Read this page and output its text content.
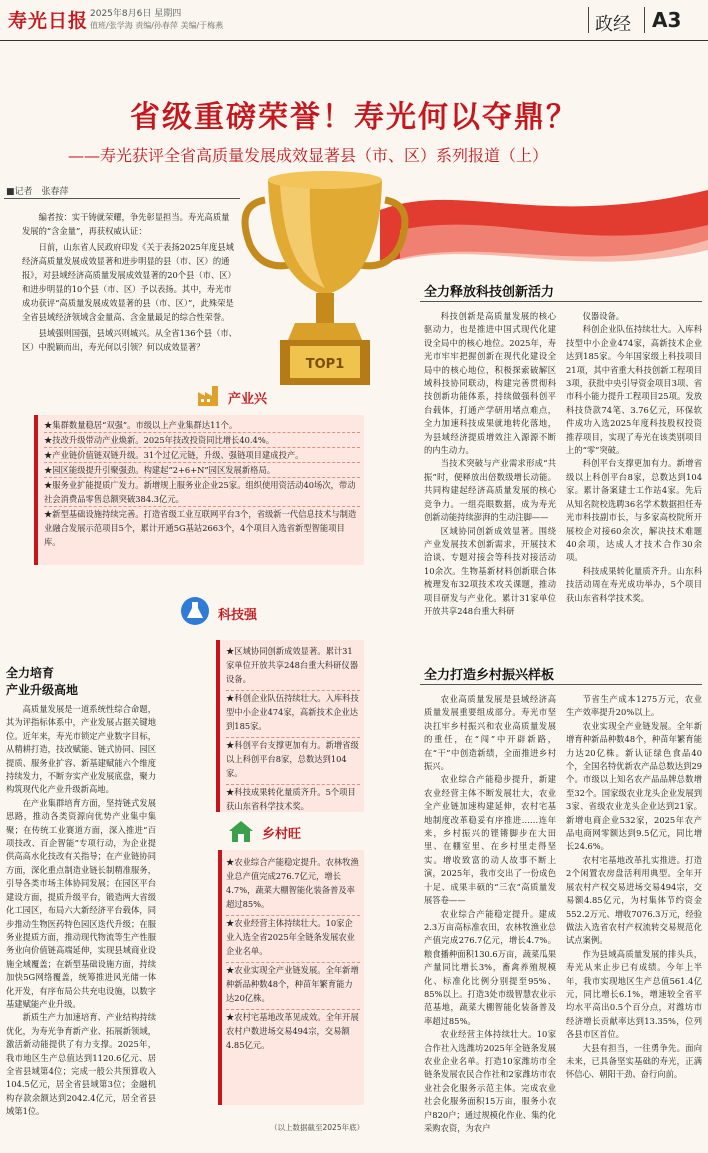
寿光日报 2025年8月6日 星期四
值班/张学海 责编/孙春萍 美编/于梅燕	政经 A3
省级重磅荣誉！寿光何以夺鼎？
——寿光获评全省高质量发展成效显著县（市、区）系列报道（上）
■记者　张春萍

编者按：实干铸就荣耀，争先彰显担当。寿光高质量发展的“含金量”，再获权威认证：

日前，山东省人民政府印发《关于表扬2025年度县域经济高质量发展成效显著和进步明显的县（市、区）的通报》，对县域经济高质量发展成效显著的20个县（市、区）和进步明显的10个县（市、区）予以表扬。其中，寿光市成功获评“高质量发展成效显著的县（市、区）”，此殊荣是全省县域经济领域含金量高、含金量最足的综合性荣誉。

县域强则国强，县域兴则城兴。从全省136个县（市、区）中脱颖而出，寿光何以引领？何以成效显著？

TOP1
产业兴
★集群数量稳居“双强”。市级以上产业集群达11个。
★技改升级带动产业焕新。2025年技改投资同比增长40.4%。
★产业链价值链双链升级。31个过亿元链，升级、强链项目建成投产。
★园区能级提升引聚强劲。构建起“2+6+N”园区发展新格局。
★服务业扩能提质广发力。新增规上服务业企业25家。组织使用资活动40场次，带动社会消费品零售总额突破384.3亿元。
★新型基础设施持续完善。打造省级工业互联网平台3个，省级新一代信息技术与制造业融合发展示范项目5个，累计开通5G基站2663个，4个项目入选省新型智能项目库。
科技强
★区域协同创新成效显著。累计31家单位开放共享248台重大科研仪器设备。
★科创企业队伍持续壮大。入库科技型中小企业474家，高新技术企业达到185家。
★科创平台支撑更加有力。新增省级以上科创平台8家，总数达到104家。
★科技成果转化量质齐升。5个项目获山东省科学技术奖。
乡村旺
★农业综合产能稳定提升。农林牧渔业总产值完成276.7亿元，增长4.7%，蔬菜大棚智能化装备普及率超过85%。
★农业经营主体持续壮大。10家企业入选全省2025年全链条发展农业企业名单。
★农业实现全产业链发展。全年新增种新品种数48个，种苗年繁育能力达20亿株。
★农村宅基地改革见成效。全年开展农村户数进场交易494宗，交易额4.85亿元。
（以上数据截至2025年底）
全力培育
产业升级高地

高质量发展是一道系统性综合命题，其为评指标体系中，产业发展占据关键地位。近年来，寿光市锁定产业数字目标，从精耕打造，技改赋能、链式协同、园区提质、服务业扩容、新基建赋能六个维度持续发力，不断夯实产业发展底盘，聚力构筑现代化产业升级新高地。

在产业集群培育方面，坚持链式发展思路，推动各类资源向优势产业集中集聚；在传统工业赛道方面，深入推进“百项技改、百企智能”专项行动，为企业提供高高水化技改有关指导；在产业链协同方面，深化重点制造业链长制精准服务，引导各类市场主体协同发展；在园区平台建设方面，提质升级平台，锻造两大省级化工园区，布局六大新经济平台载体，同步推动生物医药特色园区迭代升级；在服务业提质方面，推动现代物流等生产性服务业向价值链高端延伸，实现县域商业设施全域覆盖；在新型基础设施方面，持续加快5G网络覆盖，统筹推进风光储一体化开发，有序布局公共充电设施，以数字基建赋能产业升级。

新质生产力加速培育、产业结构持续优化，为寿光争育新产业、拓展新领域，激活新动能提供了有力支撑。2025年，我市地区生产总值达到1120.6亿元、居全省县域第4位；完成一般公共预算收入104.5亿元，居全省县域第3位；金融机构存款余额达到2042.4亿元，居全省县域第1位。

全力释放科技创新活力

科技创新是高质量发展的核心驱动力，也是推进中国式现代化建设全局中的核心地位。2025年，寿光市牢牢把握创新在现代化建设全局中的核心地位，积极探索破解区域科技协同联动，构建完善贯彻科技创新功能体系，持续做强科创平台载体，打通产学研用堵点难点，全力加速科技成果就地转化落地，为县域经济提质增效注入源源不断的内生动力。

当技术突破与产业需求形成“共振”时，便释放出倍数级增长动能。共同构建起经济高质量发展的核心竞争力。一组亮眼数据，成为寿光创新动能持续澎湃的生动注脚——

区域协同创新成效显著。围绕产业发展技术创新需求，开展技术洽谈、专题对接会等科技对接活动10余次。生物基新材料创新联合体梳理发布32项技术攻关课题，推动项目研发与产业化。累计31家单位开放共享248台重大科研

仪器设备。

科创企业队伍持续壮大。入库科技型中小企业474家，高新技术企业达到185家。今年国家级上科技项目21项，其中省重大科技创新工程项目3项，获批中央引导资金项目3项、省市科小能力提升工程项目25项。发放科技贷款74笔、3.76亿元，环保软件成功入选2025年度科技股权投资推荐项目，实现了寿光在该类别项目上的“零”突破。

科创平台支撑更加有力。新增省级以上科创平台8家，总数达到104家。累计备案建士工作站4家。先后从知名院校选聘36名学术数据担任寿光市科技副市长，与多家高校院所开展校企对接60余次，解决技术难题40余项，达成人才技术合作30余项。

科技成果转化量质齐升。山东科技活动周在寿光成功举办，5个项目获山东省科学技术奖。

全力打造乡村振兴样板

农业高质量发展是县域经济高质量发展重要组成部分。寿光市坚决扛牢乡村振兴和农业高质量发展的重任，在“闯”中开辟新路，在“干”中创造新绩，全面推进乡村振兴。

农业综合产能稳步提升，新建农业经营主体不断发展壮大，农业全产业链加速构建延伸，农村宅基地制度改革稳妥有序推进……连年来，乡村振兴的铿锵脚步在大田里、在棚室里、在乡村里走得坚实。增收致富的动人故事不断上演，2025年，我市交出了一份成色十足、成果丰硕的“三农”高质量发展答卷——

农业综合产能稳定提升。建成2.3万亩高标准农田，农林牧渔业总产值完成276.7亿元，增长4.7%。粮食播种面积130.6万亩，蔬菜瓜果产量同比增长3%，畜禽养殖规模化、标准化比例分别提至95%、85%以上。打造3处市级智慧农业示范基地，蔬菜大棚智能化装备普及率超过85%。

农业经营主体持续壮大。10家合作社入选潍坊2025年全链条发展农业企业名单。打造10家潍坊市全链条发展农民合作社和2家潍坊市农业社会化服务示范主体。完成农业社会化服务面积15万亩，服务小农户820户；通过规模化作业、集约化采购农资，为农户

节省生产成本1275万元，农业生产效率提升20%以上。

农业实现全产业链发展。全年新增育种新品种数48个，种苗年繁育能力达20亿株。新认证绿色食品40个，全国名特优新农产品总数达到29个。市级以上知名农产品品牌总数增至32个。国家级农业龙头企业发展到3家、省级农业龙头企业达到21家。新增电商企业532家，2025年农产品电商网零额达到9.5亿元，同比增长24.6%。

农村宅基地改革扎实推进。打造2个闲置农房盘活利用典型。全年开展农村产权交易进场交易494宗，交易额4.85亿元，为村集体节约资金552.2万元、增收7076.3万元，经验做法入选省农村产权流转交易规范化试点案例。

作为县域高质量发展的排头兵，寿光从来止步已有成绩。今年上半年，我市实现地区生产总值561.4亿元，同比增长6.1%，增速较全省平均水平高出0.5个百分点，对潍坊市经济增长贡献率达到13.35%，位列各县市区首位。

大县有担当，一往勇争先。面向未来，已具备坚实基础的寿光，正满怀信心、朝阳干劲、奋行向前。
